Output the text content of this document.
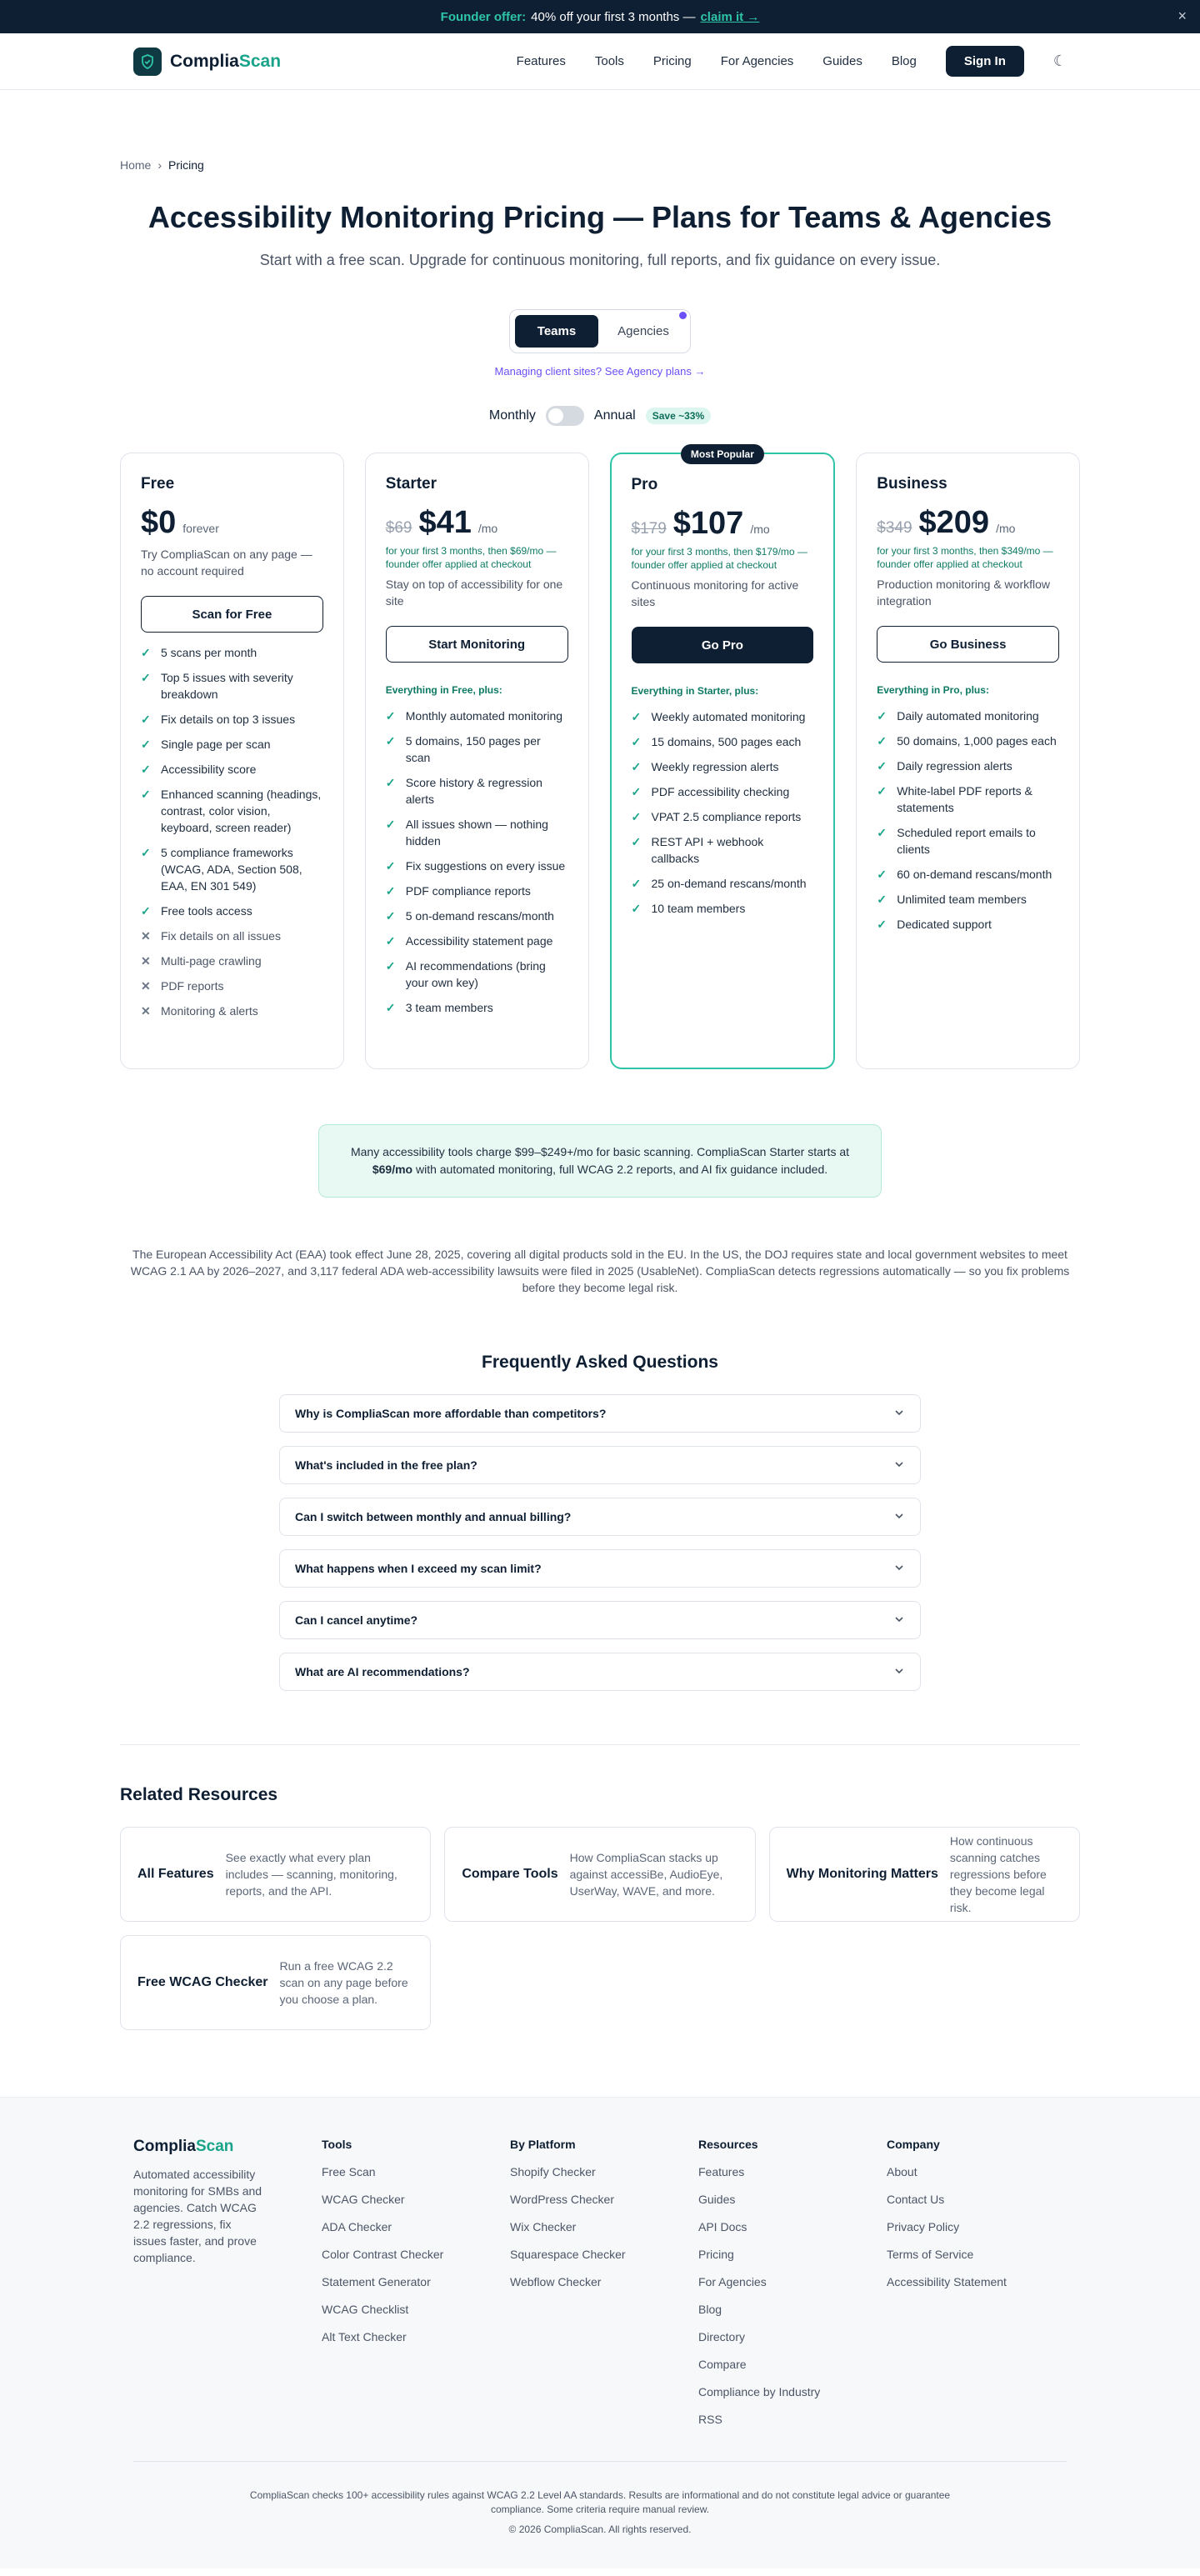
Founder offer: 40% off your first 3 months — claim it →	×
CompliaScan	Features Tools Pricing For Agencies Guides Blog	Sign In	☾
Home › Pricing
Accessibility Monitoring Pricing — Plans for Teams & Agencies

Start with a free scan. Upgrade for continuous monitoring, full reports, and fix guidance on every issue.

Teams	Agencies

Managing client sites? See Agency plans →

Monthly	Annual	Save ~33%
Free
$0 forever
Try CompliaScan on any page — no account required
Scan for Free
✓ 5 scans per month
✓ Top 5 issues with severity breakdown
✓ Fix details on top 3 issues
✓ Single page per scan
✓ Accessibility score
✓ Enhanced scanning (headings, contrast, color vision, keyboard, screen reader)
✓ 5 compliance frameworks (WCAG, ADA, Section 508, EAA, EN 301 549)
✓ Free tools access
✕ Fix details on all issues
✕ Multi-page crawling
✕ PDF reports
✕ Monitoring & alerts
Starter
$69 $41 /mo
for your first 3 months, then $69/mo — founder offer applied at checkout
Stay on top of accessibility for one site
Start Monitoring
Everything in Free, plus:
✓ Monthly automated monitoring
✓ 5 domains, 150 pages per scan
✓ Score history & regression alerts
✓ All issues shown — nothing hidden
✓ Fix suggestions on every issue
✓ PDF compliance reports
✓ 5 on-demand rescans/month
✓ Accessibility statement page
✓ AI recommendations (bring your own key)
✓ 3 team members
Most Popular
Pro
$179 $107 /mo
for your first 3 months, then $179/mo — founder offer applied at checkout
Continuous monitoring for active sites
Go Pro
Everything in Starter, plus:
✓ Weekly automated monitoring
✓ 15 domains, 500 pages each
✓ Weekly regression alerts
✓ PDF accessibility checking
✓ VPAT 2.5 compliance reports
✓ REST API + webhook callbacks
✓ 25 on-demand rescans/month
✓ 10 team members
Business
$349 $209 /mo
for your first 3 months, then $349/mo — founder offer applied at checkout
Production monitoring & workflow integration
Go Business
Everything in Pro, plus:
✓ Daily automated monitoring
✓ 50 domains, 1,000 pages each
✓ Daily regression alerts
✓ White-label PDF reports & statements
✓ Scheduled report emails to clients
✓ 60 on-demand rescans/month
✓ Unlimited team members
✓ Dedicated support
Many accessibility tools charge $99–$249+/mo for basic scanning. CompliaScan Starter starts at $69/mo with automated monitoring, full WCAG 2.2 reports, and AI fix guidance included.

The European Accessibility Act (EAA) took effect June 28, 2025, covering all digital products sold in the EU. In the US, the DOJ requires state and local government websites to meet WCAG 2.1 AA by 2026–2027, and 3,117 federal ADA web-accessibility lawsuits were filed in 2025 (UsableNet). CompliaScan detects regressions automatically — so you fix problems before they become legal risk.

Frequently Asked Questions
Why is CompliaScan more affordable than competitors?
What's included in the free plan?
Can I switch between monthly and annual billing?
What happens when I exceed my scan limit?
Can I cancel anytime?
What are AI recommendations?
Related Resources
All Features
See exactly what every plan includes — scanning, monitoring, reports, and the API.
Compare Tools
How CompliaScan stacks up against accessiBe, AudioEye, UserWay, WAVE, and more.
Why Monitoring Matters
How continuous scanning catches regressions before they become legal risk.
Free WCAG Checker
Run a free WCAG 2.2 scan on any page before you choose a plan.
CompliaScan

Automated accessibility monitoring for SMBs and agencies. Catch WCAG 2.2 regressions, fix issues faster, and prove compliance.

Tools
Free Scan
WCAG Checker
ADA Checker
Color Contrast Checker
Statement Generator
WCAG Checklist
Alt Text Checker
By Platform
Shopify Checker
WordPress Checker
Wix Checker
Squarespace Checker
Webflow Checker
Resources
Features
Guides
API Docs
Pricing
For Agencies
Blog
Directory
Compare
Compliance by Industry
RSS
Company
About
Contact Us
Privacy Policy
Terms of Service
Accessibility Statement

CompliaScan checks 100+ accessibility rules against WCAG 2.2 Level AA standards. Results are informational and do not constitute legal advice or guarantee compliance. Some criteria require manual review.

© 2026 CompliaScan. All rights reserved.
